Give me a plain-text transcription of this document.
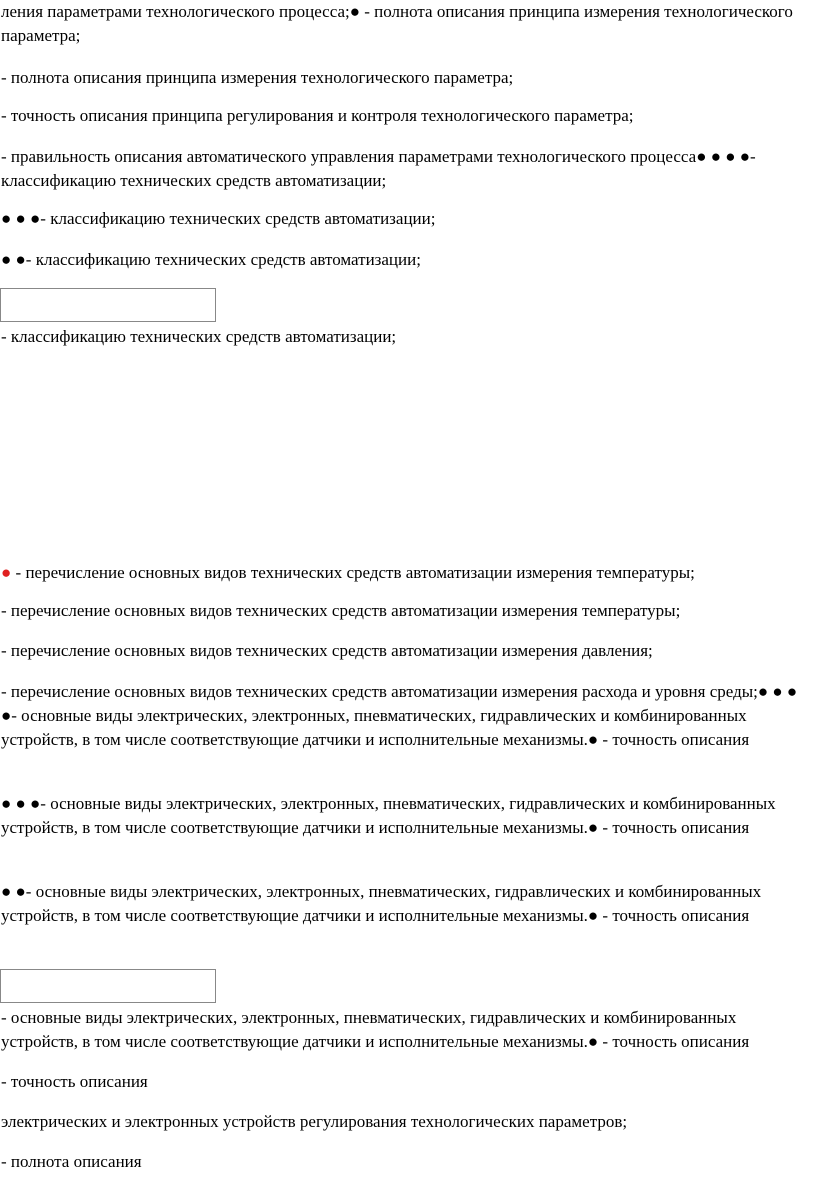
ления параметрами технологического процесса;● - полнота описания принципа измерения технологического параметра;

- полнота описания принципа измерения технологического параметра;

- точность описания принципа регулирования и контроля технологического параметра;

- правильность описания автоматического управления параметрами технологического процесса● ● ● ●- классификацию технических средств автоматизации;

● ● ●- классификацию технических средств автоматизации;

● ●- классификацию технических средств автоматизации;

- классификацию технических средств автоматизации;

● - перечисление основных видов технических средств автоматизации измерения температуры;

- перечисление основных видов технических средств автоматизации измерения температуры;

- перечисление основных видов технических средств автоматизации измерения давления;

- перечисление основных видов технических средств автоматизации измерения расхода и уровня среды;● ● ● ●- основные виды электрических, электронных, пневматических, гидравлических и комбинированных устройств, в том числе соответствующие датчики и исполнительные механизмы.● - точность описания

● ● ●- основные виды электрических, электронных, пневматических, гидравлических и комбинированных устройств, в том числе соответствующие датчики и исполнительные механизмы.● - точность описания

● ●- основные виды электрических, электронных, пневматических, гидравлических и комбинированных устройств, в том числе соответствующие датчики и исполнительные механизмы.● - точность описания

- основные виды электрических, электронных, пневматических, гидравлических и комбинированных устройств, в том числе соответствующие датчики и исполнительные механизмы.● - точность описания

- точность описания

электрических и электронных устройств регулирования технологических параметров;

- полнота описания
